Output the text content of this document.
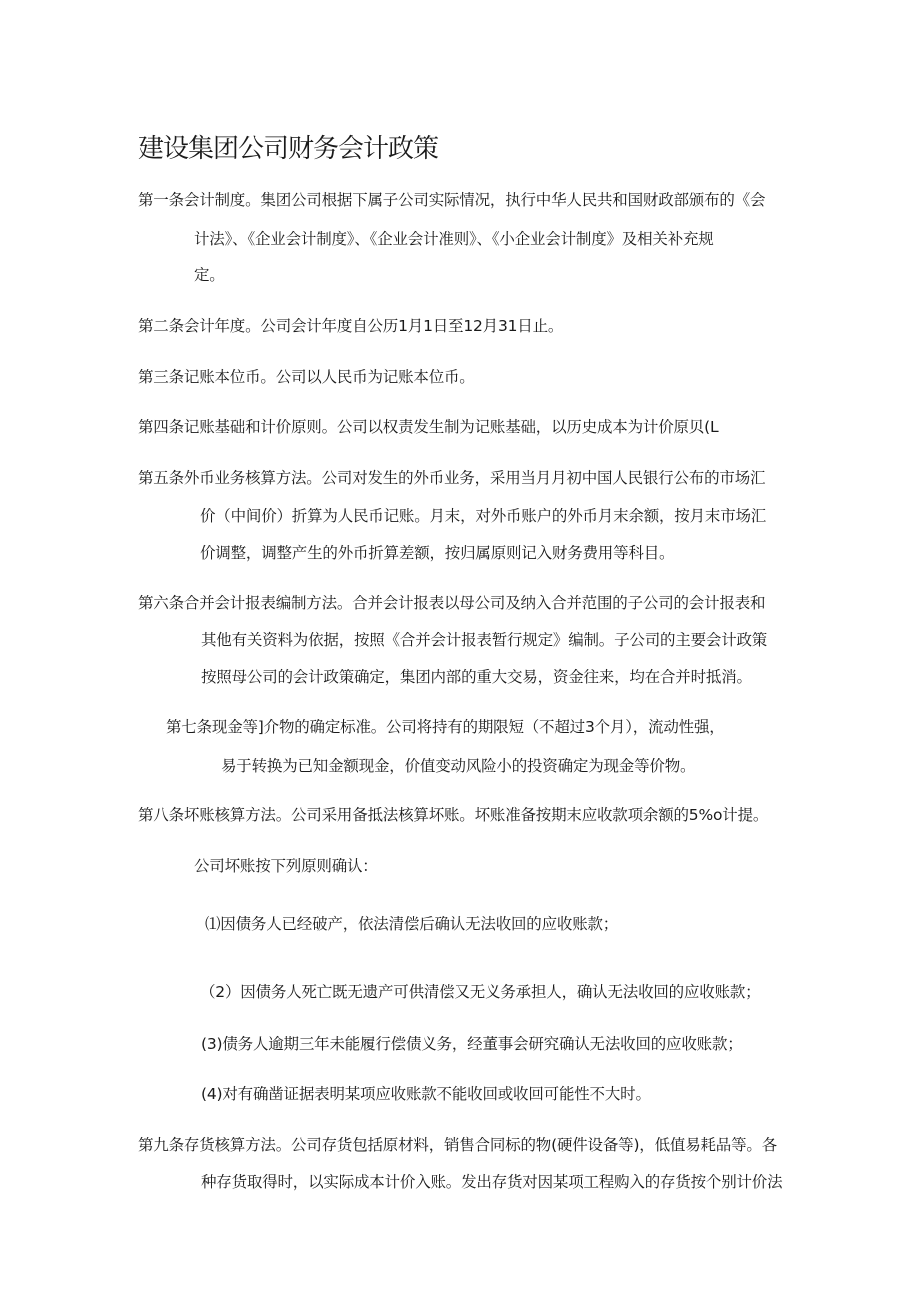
建设集团公司财务会计政策
第一条会计制度。集团公司根据下属子公司实际情况，执行中华人民共和国财政部颁布的《会
计法》、《企业会计制度》、《企业会计准则》、《小企业会计制度》及相关补充规
定。
第二条会计年度。公司会计年度自公历1月1日至12月31日止。
第三条记账本位币。公司以人民币为记账本位币。
第四条记账基础和计价原则。公司以权责发生制为记账基础，以历史成本为计价原贝(L
第五条外币业务核算方法。公司对发生的外币业务，采用当月月初中国人民银行公布的市场汇
价（中间价）折算为人民币记账。月末，对外币账户的外币月末余额，按月末市场汇
价调整，调整产生的外币折算差额，按归属原则记入财务费用等科目。
第六条合并会计报表编制方法。合并会计报表以母公司及纳入合并范围的子公司的会计报表和
其他有关资料为依据，按照《合并会计报表暂行规定》编制。子公司的主要会计政策
按照母公司的会计政策确定，集团内部的重大交易，资金往来，均在合并时抵消。
第七条现金等]介物的确定标准。公司将持有的期限短（不超过3个月），流动性强，
易于转换为已知金额现金，价值变动风险小的投资确定为现金等价物。
第八条坏账核算方法。公司采用备抵法核算坏账。坏账准备按期末应收款项余额的5%o计提。
公司坏账按下列原则确认：
⑴因债务人已经破产，依法清偿后确认无法收回的应收账款；
（2）因债务人死亡既无遗产可供清偿又无义务承担人，确认无法收回的应收账款；
(3)债务人逾期三年未能履行偿债义务，经董事会研究确认无法收回的应收账款；
(4)对有确凿证据表明某项应收账款不能收回或收回可能性不大时。
第九条存货核算方法。公司存货包括原材料，销售合同标的物(硬件设备等)，低值易耗品等。各
种存货取得时，以实际成本计价入账。发出存货对因某项工程购入的存货按个别计价法
